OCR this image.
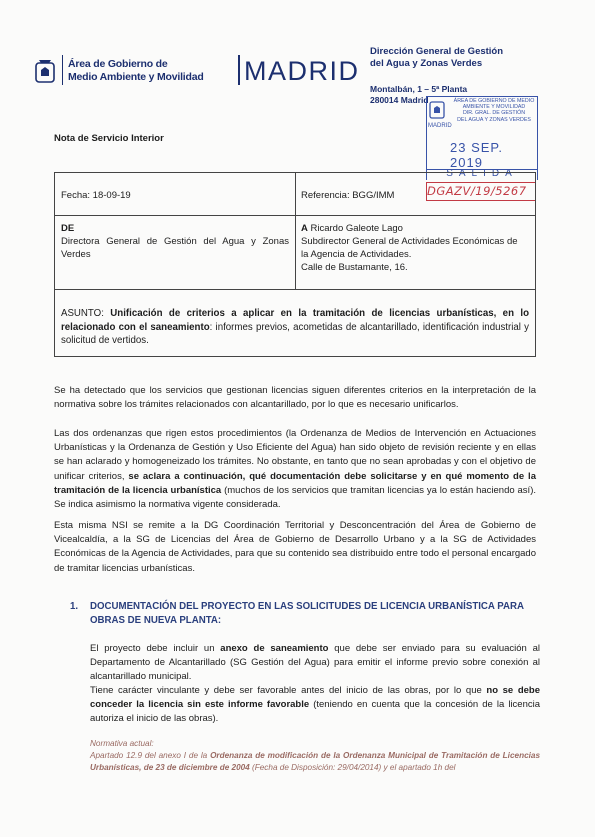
Área de Gobierno de
Medio Ambiente y Movilidad MADRID
Dirección General de Gestión
del Agua y Zonas Verdes
Montalbán, 1 – 5ª Planta
280014 Madrid
MADRID
ÁREA DE GOBIERNO DE MEDIO
AMBIENTE Y MOVILIDAD
DIR. GRAL. DE GESTIÓN
DEL AGUA Y ZONAS VERDES
23 SEP. 2019
SALIDA
DGAZV/19/5267
Nota de Servicio Interior
Fecha: 18-09-19	Referencia: BGG/IMM
DE
Directora General de Gestión del Agua y Zonas Verdes
A Ricardo Galeote Lago
Subdirector General de Actividades Económicas de
la Agencia de Actividades.
Calle de Bustamante, 16.
ASUNTO: Unificación de criterios a aplicar en la tramitación de licencias urbanísticas, en lo relacionado con el saneamiento: informes previos, acometidas de alcantarillado, identificación industrial y solicitud de vertidos.
Se ha detectado que los servicios que gestionan licencias siguen diferentes criterios en la interpretación de la normativa sobre los trámites relacionados con alcantarillado, por lo que es necesario unificarlos.
Las dos ordenanzas que rigen estos procedimientos (la Ordenanza de Medios de Intervención en Actuaciones Urbanísticas y la Ordenanza de Gestión y Uso Eficiente del Agua) han sido objeto de revisión reciente y en ellas se han aclarado y homogeneizado los trámites. No obstante, en tanto que no sean aprobadas y con el objetivo de unificar criterios, se aclara a continuación, qué documentación debe solicitarse y en qué momento de la tramitación de la licencia urbanística (muchos de los servicios que tramitan licencias ya lo están haciendo así). Se indica asimismo la normativa vigente considerada.
Esta misma NSI se remite a la DG Coordinación Territorial y Desconcentración del Área de Gobierno de Vicealcaldía, a la SG de Licencias del Área de Gobierno de Desarrollo Urbano y a la SG de Actividades Económicas de la Agencia de Actividades, para que su contenido sea distribuido entre todo el personal encargado de tramitar licencias urbanísticas.
1. DOCUMENTACIÓN DEL PROYECTO EN LAS SOLICITUDES DE LICENCIA URBANÍSTICA PARA OBRAS DE NUEVA PLANTA:
El proyecto debe incluir un anexo de saneamiento que debe ser enviado para su evaluación al Departamento de Alcantarillado (SG Gestión del Agua) para emitir el informe previo sobre conexión al alcantarillado municipal.
Tiene carácter vinculante y debe ser favorable antes del inicio de las obras, por lo que no se debe conceder la licencia sin este informe favorable (teniendo en cuenta que la concesión de la licencia autoriza el inicio de las obras).
Normativa actual:
Apartado 12.9 del anexo I de la Ordenanza de modificación de la Ordenanza Municipal de Tramitación de Licencias Urbanísticas, de 23 de diciembre de 2004 (Fecha de Disposición: 29/04/2014) y el apartado 1h del
